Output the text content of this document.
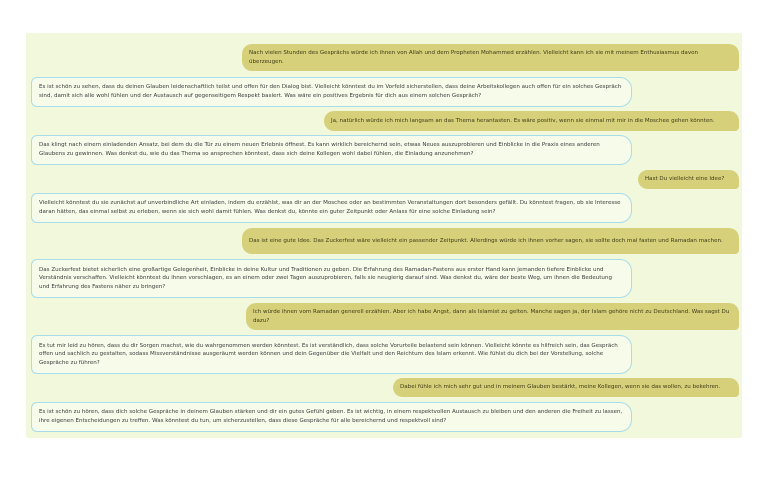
Nach vielen Stunden des Gesprächs würde ich ihnen von Allah und dem Propheten Mohammed erzählen. Vielleicht kann ich sie mit meinem Enthusiasmus davon überzeugen.
Es ist schön zu sehen, dass du deinen Glauben leidenschaftlich teilst und offen für den Dialog bist. Vielleicht könntest du im Vorfeld sicherstellen, dass deine Arbeitskollegen auch offen für ein solches Gespräch sind, damit sich alle wohl fühlen und der Austausch auf gegenseitigem Respekt basiert. Was wäre ein positives Ergebnis für dich aus einem solchen Gespräch?
Ja, natürlich würde ich mich langsam an das Thema herantasten. Es wäre positiv, wenn sie einmal mit mir in die Moschee gehen könnten.
Das klingt nach einem einladenden Ansatz, bei dem du die Tür zu einem neuen Erlebnis öffnest. Es kann wirklich bereichernd sein, etwas Neues auszuprobieren und Einblicke in die Praxis eines anderen Glaubens zu gewinnen. Was denkst du, wie du das Thema so ansprechen könntest, dass sich deine Kollegen wohl dabei fühlen, die Einladung anzunehmen?
Hast Du vielleicht eine Idee?
Vielleicht könntest du sie zunächst auf unverbindliche Art einladen, indem du erzählst, was dir an der Moschee oder an bestimmten Veranstaltungen dort besonders gefällt. Du könntest fragen, ob sie Interesse daran hätten, das einmal selbst zu erleben, wenn sie sich wohl damit fühlen. Was denkst du, könnte ein guter Zeitpunkt oder Anlass für eine solche Einladung sein?
Das ist eine gute Idee. Das Zuckerfest wäre vielleicht ein passender Zeitpunkt. Allerdings würde ich ihnen vorher sagen, sie sollte doch mal fasten und Ramadan machen.
Das Zuckerfest bietet sicherlich eine großartige Gelegenheit, Einblicke in deine Kultur und Traditionen zu geben. Die Erfahrung des Ramadan-Fastens aus erster Hand kann jemanden tiefere Einblicke und Verständnis verschaffen. Vielleicht könntest du ihnen vorschlagen, es an einem oder zwei Tagen auszuprobieren, falls sie neugierig darauf sind. Was denkst du, wäre der beste Weg, um ihnen die Bedeutung und Erfahrung des Fastens näher zu bringen?
Ich würde ihnen vom Ramadan generell erzählen. Aber ich habe Angst, dann als Islamist zu gelten. Manche sagen ja, der Islam gehöre nicht zu Deutschland. Was sagst Du dazu?
Es tut mir leid zu hören, dass du dir Sorgen machst, wie du wahrgenommen werden könntest. Es ist verständlich, dass solche Vorurteile belastend sein können. Vielleicht könnte es hilfreich sein, das Gespräch offen und sachlich zu gestalten, sodass Missverständnisse ausgeräumt werden können und dein Gegenüber die Vielfalt und den Reichtum des Islam erkennt. Wie fühlst du dich bei der Vorstellung, solche Gespräche zu führen?
Dabei fühle ich mich sehr gut und in meinem Glauben bestärkt, meine Kollegen, wenn sie das wollen, zu bekehren.
Es ist schön zu hören, dass dich solche Gespräche in deinem Glauben stärken und dir ein gutes Gefühl geben. Es ist wichtig, in einem respektvollen Austausch zu bleiben und den anderen die Freiheit zu lassen, ihre eigenen Entscheidungen zu treffen. Was könntest du tun, um sicherzustellen, dass diese Gespräche für alle bereichernd und respektvoll sind?
